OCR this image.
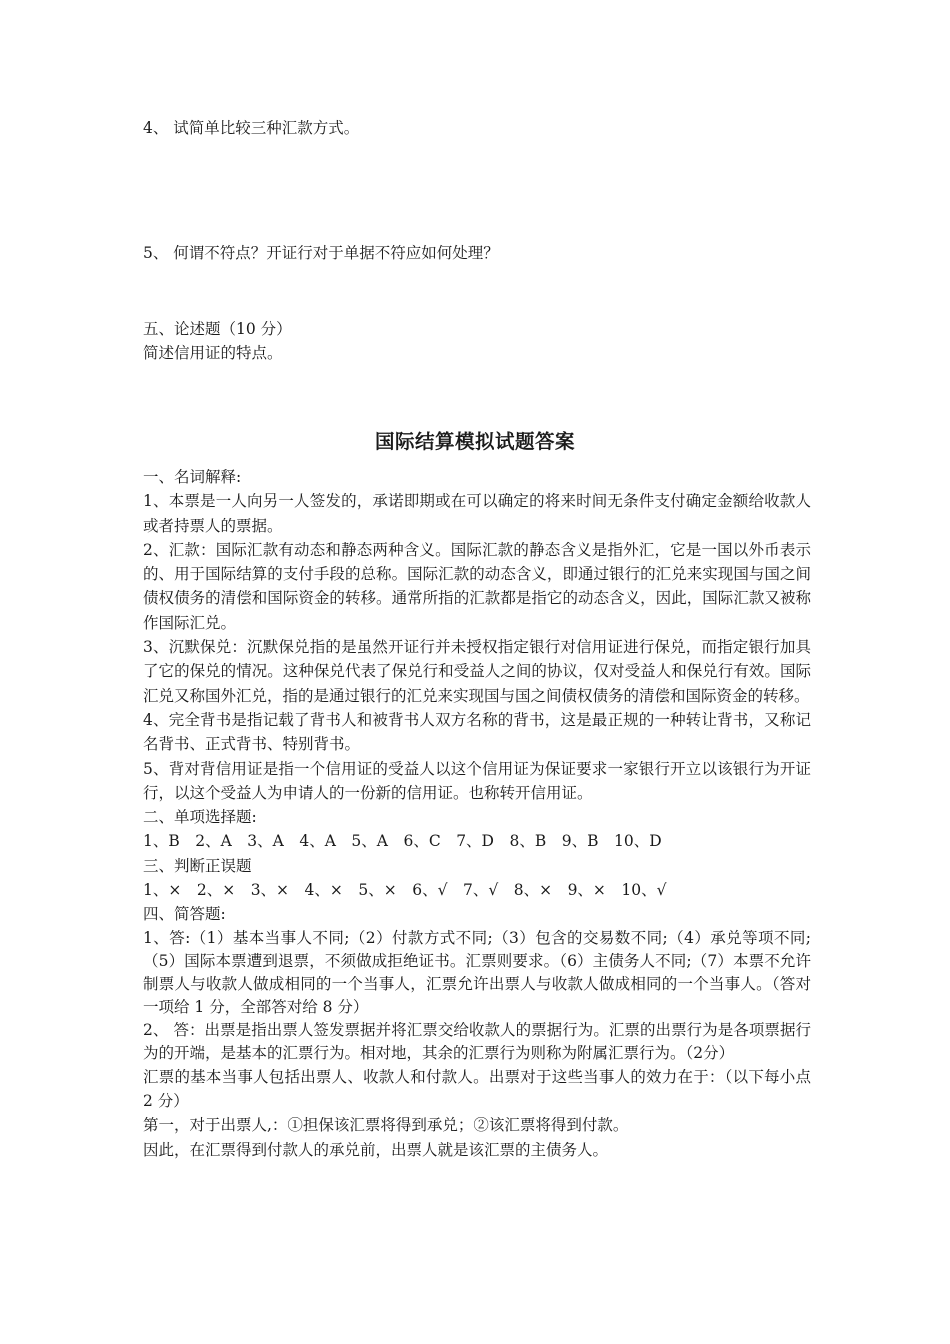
4、 试简单比较三种汇款方式。
5、 何谓不符点？开证行对于单据不符应如何处理？
五、论述题（10 分）
简述信用证的特点。
国际结算模拟试题答案

一、名词解释:

1、本票是一人向另一人签发的，承诺即期或在可以确定的将来时间无条件支付确定金额给收款人或者持票人的票据。

2、汇款：国际汇款有动态和静态两种含义。国际汇款的静态含义是指外汇，它是一国以外币表示的、用于国际结算的支付手段的总称。国际汇款的动态含义，即通过银行的汇兑来实现国与国之间债权债务的清偿和国际资金的转移。通常所指的汇款都是指它的动态含义，因此，国际汇款又被称作国际汇兑。

3、沉默保兑：沉默保兑指的是虽然开证行并未授权指定银行对信用证进行保兑，而指定银行加具了它的保兑的情况。这种保兑代表了保兑行和受益人之间的协议，仅对受益人和保兑行有效。国际汇兑又称国外汇兑，指的是通过银行的汇兑来实现国与国之间债权债务的清偿和国际资金的转移。

4、完全背书是指记载了背书人和被背书人双方名称的背书，这是最正规的一种转让背书，又称记名背书、正式背书、特别背书。

5、背对背信用证是指一个信用证的受益人以这个信用证为保证要求一家银行开立以该银行为开证行，以这个受益人为申请人的一份新的信用证。也称转开信用证。

二、单项选择题:

1、B　2、A　3、A　4、A　5、A　6、C　7、D　8、B　9、B　10、D

三、判断正误题

1、×　2、×　3、×　4、×　5、×　6、√　7、√　8、×　9、×　10、√

四、简答题:

1、答:（1）基本当事人不同;（2）付款方式不同;（3）包含的交易数不同;（4）承兑等项不同;（5）国际本票遭到退票，不须做成拒绝证书。汇票则要求。（6）主债务人不同;（7）本票不允许制票人与收款人做成相同的一个当事人，汇票允许出票人与收款人做成相同的一个当事人。（答对一项给 1 分，全部答对给 8 分）

2、 答：出票是指出票人签发票据并将汇票交给收款人的票据行为。汇票的出票行为是各项票据行为的开端，是基本的汇票行为。相对地，其余的汇票行为则称为附属汇票行为。（2分）

汇票的基本当事人包括出票人、收款人和付款人。出票对于这些当事人的效力在于：（以下每小点 2 分）

第一，对于出票人,：①担保该汇票将得到承兑；②该汇票将得到付款。

因此，在汇票得到付款人的承兑前，出票人就是该汇票的主债务人。
